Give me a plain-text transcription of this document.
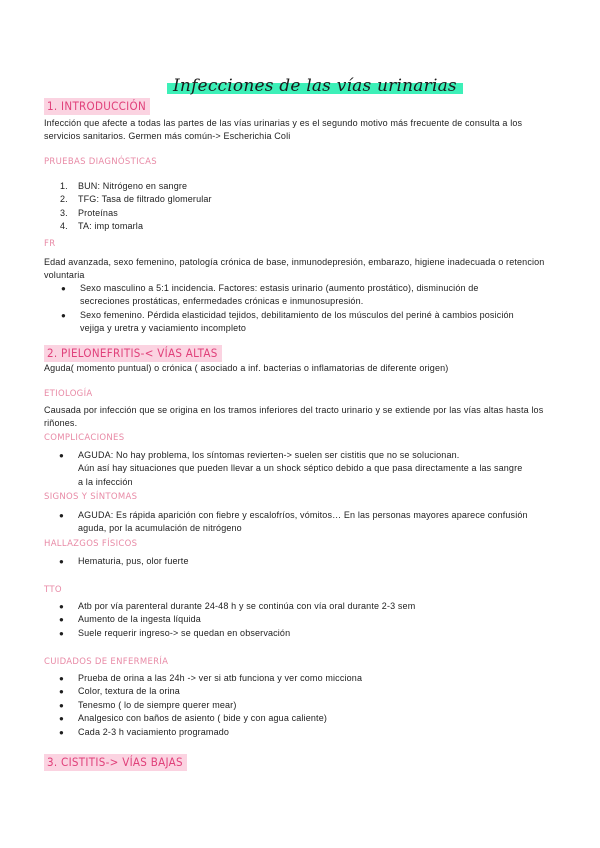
Infecciones de las vías urinarias
1. INTRODUCCIÓN
Infección que afecte a todas las partes de las vías urinarias y es el segundo motivo más frecuente de consulta a los servicios sanitarios. Germen más común-> Escherichia Coli
PRUEBAS DIAGNÓSTICAS
1. BUN: Nitrógeno en sangre
2. TFG: Tasa de filtrado glomerular
3. Proteínas
4. TA: imp tomarla
FR
Edad avanzada, sexo femenino, patología crónica de base, inmunodepresión, embarazo, higiene inadecuada o retencion voluntaria
● Sexo masculino a 5:1 incidencia. Factores: estasis urinario (aumento prostático), disminución de secreciones prostáticas, enfermedades crónicas e inmunosupresión.
● Sexo femenino. Pérdida elasticidad tejidos, debilitamiento de los músculos del periné à cambios posición vejiga y uretra y vaciamiento incompleto
2. PIELONEFRITIS-< VÍAS ALTAS
Aguda( momento puntual) o crónica ( asociado a inf. bacterias o inflamatorias de diferente origen)
ETIOLOGÍA
Causada por infección que se origina en los tramos inferiores del tracto urinario y se extiende por las vías altas hasta los riñones.
COMPLICACIONES
● AGUDA: No hay problema, los síntomas revierten-> suelen ser cistitis que no se solucionan.
Aún así hay situaciones que pueden llevar a un shock séptico debido a que pasa directamente a las sangre a la infección
SIGNOS Y SÍNTOMAS
● AGUDA: Es rápida aparición con fiebre y escalofríos, vómitos… En las personas mayores aparece confusión aguda, por la acumulación de nitrógeno
HALLAZGOS FÍSICOS
● Hematuria, pus, olor fuerte
TTO
● Atb por vía parenteral durante 24-48 h y se continúa con vía oral durante 2-3 sem
● Aumento de la ingesta líquida
● Suele requerir ingreso-> se quedan en observación
CUIDADOS DE ENFERMERÍA
● Prueba de orina a las 24h -> ver si atb funciona y ver como micciona
● Color, textura de la orina
● Tenesmo ( lo de siempre querer mear)
● Analgesico con baños de asiento ( bide y con agua caliente)
● Cada 2-3 h vaciamiento programado
3. CISTITIS-> VÍAS BAJAS
